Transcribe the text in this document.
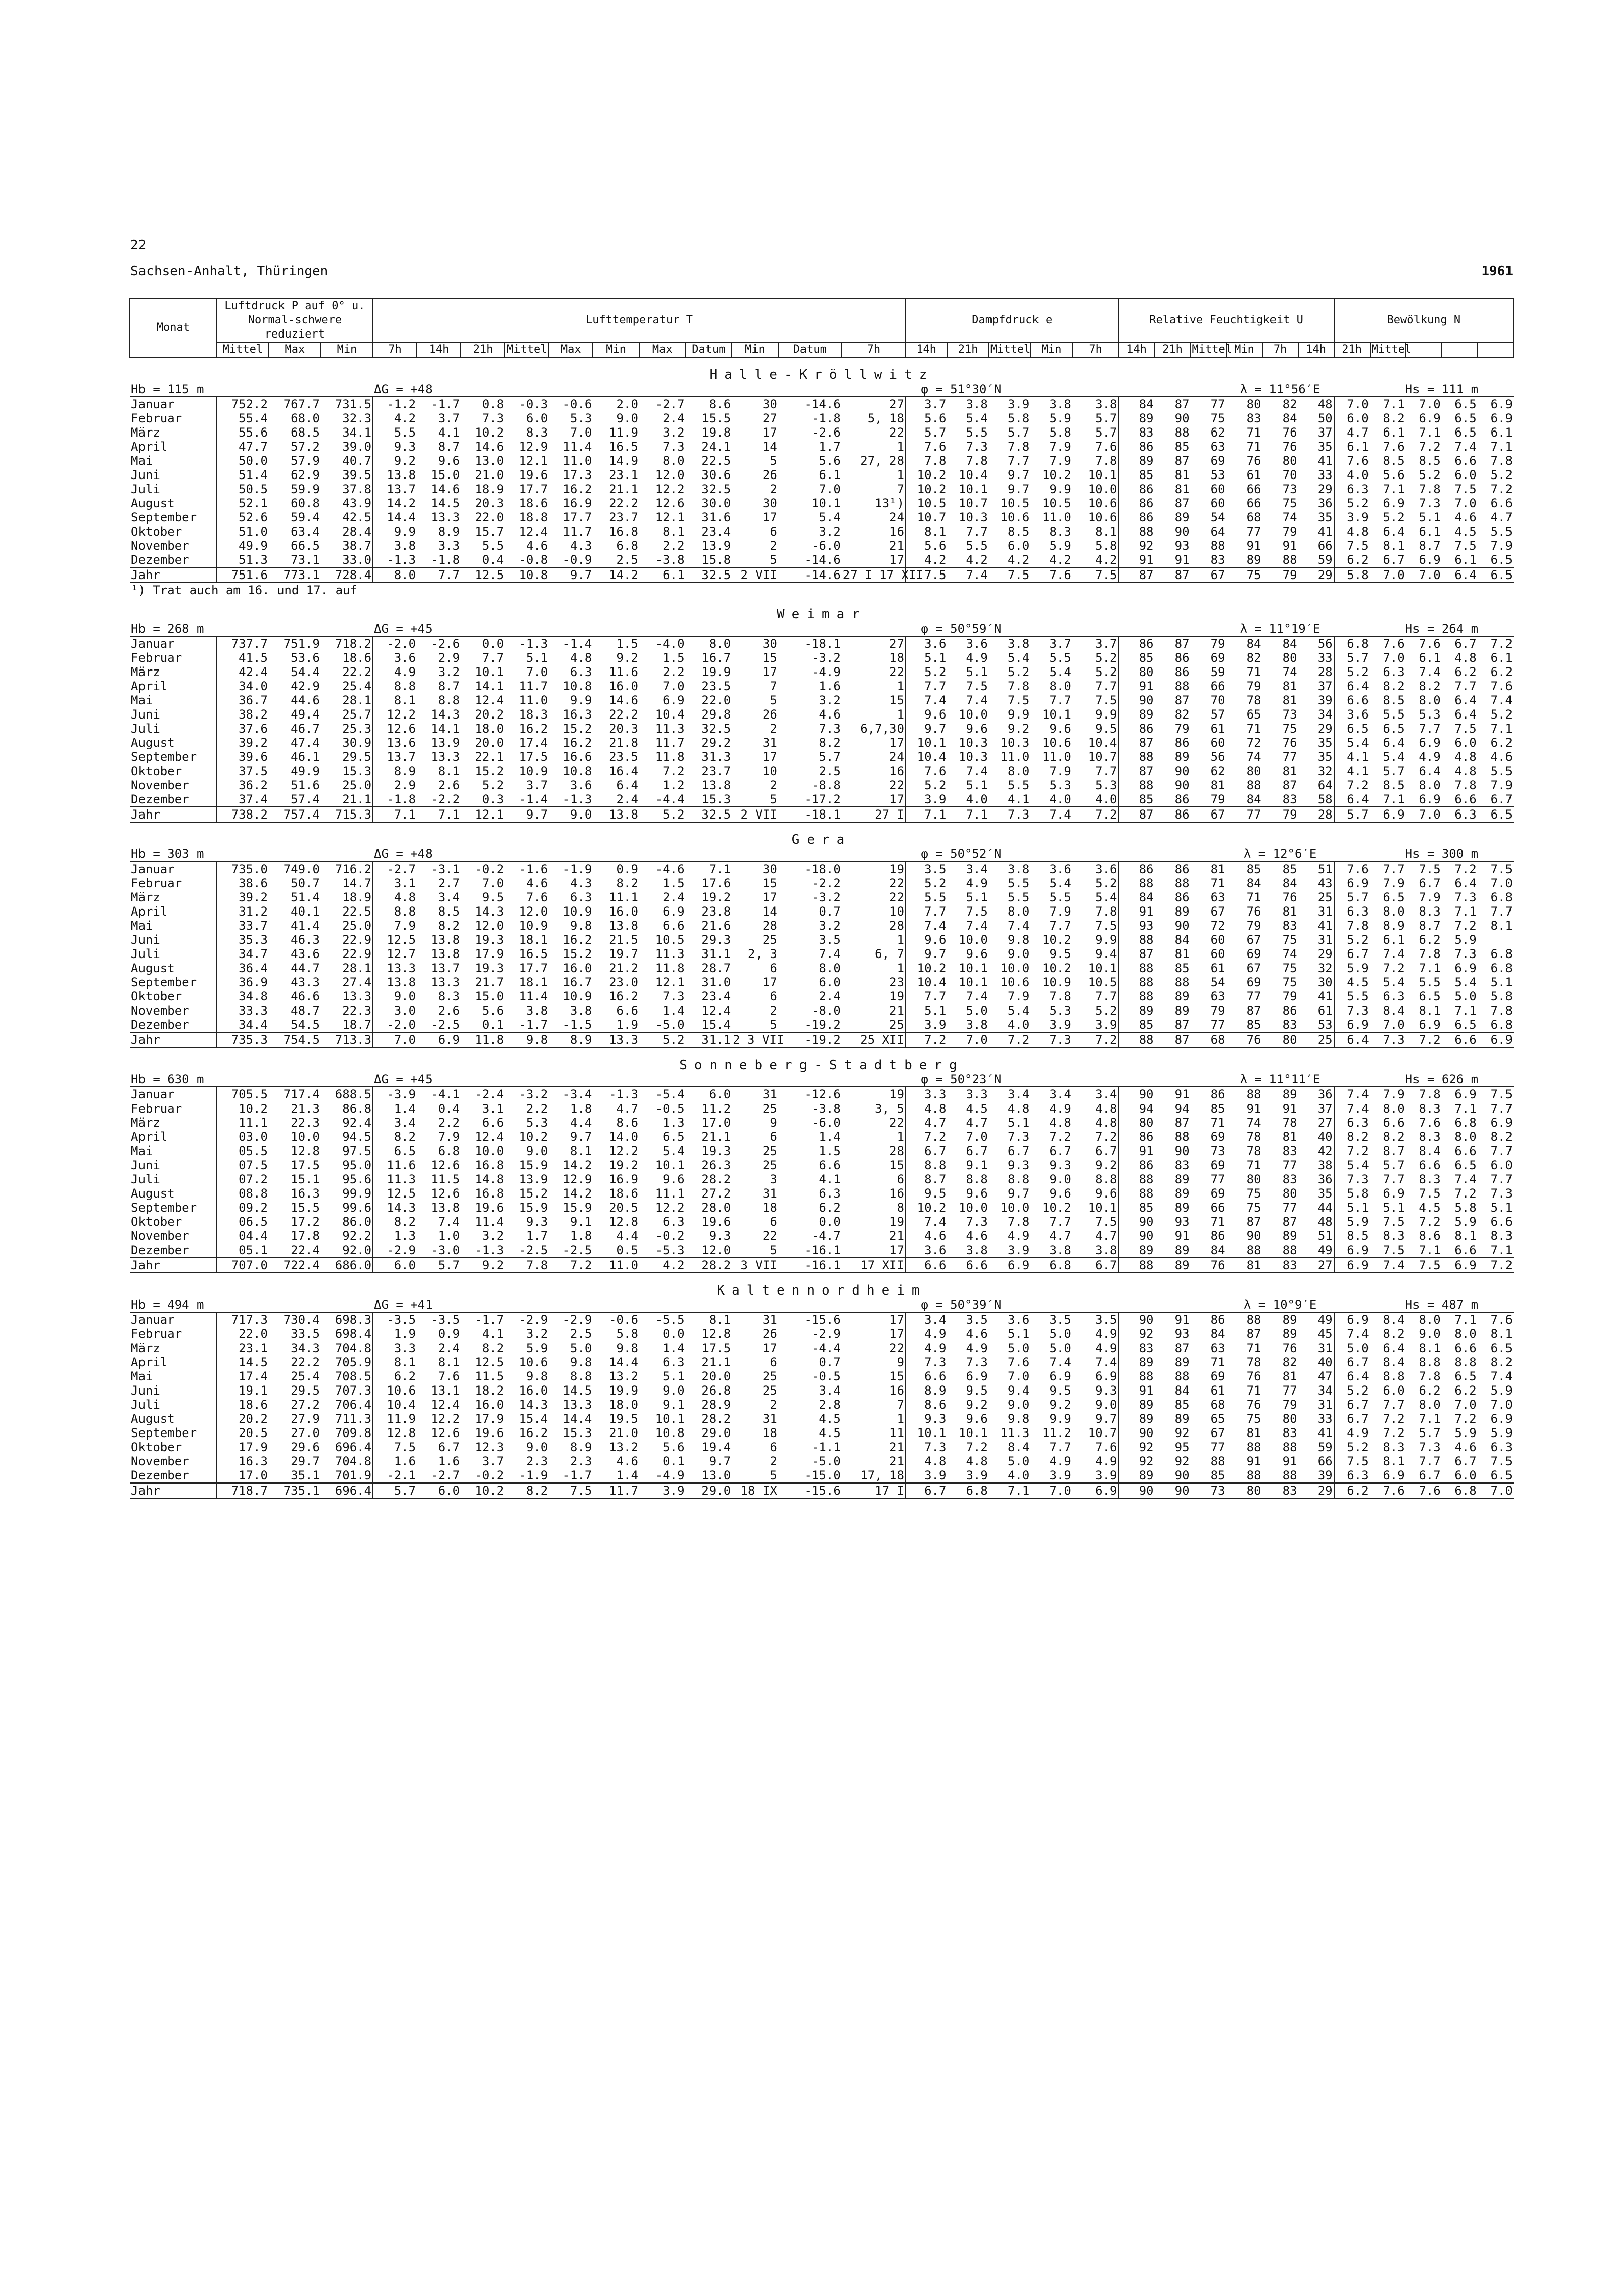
22
Sachsen-Anhalt, Thüringen	1961
Monat	Luftdruck P auf 0° u. Normal-schwere reduziert			Lufttemperatur T											Dampfdruck e					Relative Feuchtigkeit U						Bewölkung N				
	Mittel	Max	Min	7h	14h	21h	Mittel	Max	Min	Max	Datum	Min	Datum	7h	14h	21h	Mittel	Min	7h	14h	21h	Mittel	Min	7h	14h	21h	Mittel			

Halle-Kröllwitz																														
Hb = 115 m				ΔG = +48								φ = 51°30′N										λ = 11°56′E					Hs = 111 m			
Januar	752.2	767.7	731.5	-1.2	-1.7	0.8	-0.3	-0.6	2.0	-2.7	8.6	30	-14.6	27	3.7	3.8	3.9	3.8	3.8	84	87	77	80	82	48	7.0	7.1	7.0	6.5	6.9
Februar	55.4	68.0	32.3	4.2	3.7	7.3	6.0	5.3	9.0	2.4	15.5	27	-1.8	5, 18	5.6	5.4	5.8	5.9	5.7	89	90	75	83	84	50	6.0	8.2	6.9	6.5	6.9
März	55.6	68.5	34.1	5.5	4.1	10.2	8.3	7.0	11.9	3.2	19.8	17	-2.6	22	5.7	5.5	5.7	5.8	5.7	83	88	62	71	76	37	4.7	6.1	7.1	6.5	6.1
April	47.7	57.2	39.0	9.3	8.7	14.6	12.9	11.4	16.5	7.3	24.1	14	1.7	1	7.6	7.3	7.8	7.9	7.6	86	85	63	71	76	35	6.1	7.6	7.2	7.4	7.1
Mai	50.0	57.9	40.7	9.2	9.6	13.0	12.1	11.0	14.9	8.0	22.5	5	5.6	27, 28	7.8	7.8	7.7	7.9	7.8	89	87	69	76	80	41	7.6	8.5	8.5	6.6	7.8
Juni	51.4	62.9	39.5	13.8	15.0	21.0	19.6	17.3	23.1	12.0	30.6	26	6.1	1	10.2	10.4	9.7	10.2	10.1	85	81	53	61	70	33	4.0	5.6	5.2	6.0	5.2
Juli	50.5	59.9	37.8	13.7	14.6	18.9	17.7	16.2	21.1	12.2	32.5	2	7.0	7	10.2	10.1	9.7	9.9	10.0	86	81	60	66	73	29	6.3	7.1	7.8	7.5	7.2
August	52.1	60.8	43.9	14.2	14.5	20.3	18.6	16.9	22.2	12.6	30.0	30	10.1	13¹)	10.5	10.7	10.5	10.5	10.6	86	87	60	66	75	36	5.2	6.9	7.3	7.0	6.6
September	52.6	59.4	42.5	14.4	13.3	22.0	18.8	17.7	23.7	12.1	31.6	17	5.4	24	10.7	10.3	10.6	11.0	10.6	86	89	54	68	74	35	3.9	5.2	5.1	4.6	4.7
Oktober	51.0	63.4	28.4	9.9	8.9	15.7	12.4	11.7	16.8	8.1	23.4	6	3.2	16	8.1	7.7	8.5	8.3	8.1	88	90	64	77	79	41	4.8	6.4	6.1	4.5	5.5
November	49.9	66.5	38.7	3.8	3.3	5.5	4.6	4.3	6.8	2.2	13.9	2	-6.0	21	5.6	5.5	6.0	5.9	5.8	92	93	88	91	91	66	7.5	8.1	8.7	7.5	7.9
Dezember	51.3	73.1	33.0	-1.3	-1.8	0.4	-0.8	-0.9	2.5	-3.8	15.8	5	-14.6	17	4.2	4.2	4.2	4.2	4.2	91	91	83	89	88	59	6.2	6.7	6.9	6.1	6.5
Jahr	751.6	773.1	728.4	8.0	7.7	12.5	10.8	9.7	14.2	6.1	32.5	2 VII	-14.6	27 I 17 XII	7.5	7.4	7.5	7.6	7.5	87	87	67	75	79	29	5.8	7.0	7.0	6.4	6.5
¹) Trat auch am 16. und 17. auf																														

Weimar																														
Hb = 268 m				ΔG = +45								φ = 50°59′N										λ = 11°19′E					Hs = 264 m			
Januar	737.7	751.9	718.2	-2.0	-2.6	0.0	-1.3	-1.4	1.5	-4.0	8.0	30	-18.1	27	3.6	3.6	3.8	3.7	3.7	86	87	79	84	84	56	6.8	7.6	7.6	6.7	7.2
Februar	41.5	53.6	18.6	3.6	2.9	7.7	5.1	4.8	9.2	1.5	16.7	15	-3.2	18	5.1	4.9	5.4	5.5	5.2	85	86	69	82	80	33	5.7	7.0	6.1	4.8	6.1
März	42.4	54.4	22.2	4.9	3.2	10.1	7.0	6.3	11.6	2.2	19.9	17	-4.9	22	5.2	5.1	5.2	5.4	5.2	80	86	59	71	74	28	5.2	6.3	7.4	6.2	6.2
April	34.0	42.9	25.4	8.8	8.7	14.1	11.7	10.8	16.0	7.0	23.5	7	1.6	1	7.7	7.5	7.8	8.0	7.7	91	88	66	79	81	37	6.4	8.2	8.2	7.7	7.6
Mai	36.7	44.6	28.1	8.1	8.8	12.4	11.0	9.9	14.6	6.9	22.0	5	3.2	15	7.4	7.4	7.5	7.7	7.5	90	87	70	78	81	39	6.6	8.5	8.0	6.4	7.4
Juni	38.2	49.4	25.7	12.2	14.3	20.2	18.3	16.3	22.2	10.4	29.8	26	4.6	1	9.6	10.0	9.9	10.1	9.9	89	82	57	65	73	34	3.6	5.5	5.3	6.4	5.2
Juli	37.6	46.7	25.3	12.6	14.1	18.0	16.2	15.2	20.3	11.3	32.5	2	7.3	6,7,30	9.7	9.6	9.2	9.6	9.5	86	79	61	71	75	29	6.5	6.5	7.7	7.5	7.1
August	39.2	47.4	30.9	13.6	13.9	20.0	17.4	16.2	21.8	11.7	29.2	31	8.2	17	10.1	10.3	10.3	10.6	10.4	87	86	60	72	76	35	5.4	6.4	6.9	6.0	6.2
September	39.6	46.1	29.5	13.7	13.3	22.1	17.5	16.6	23.5	11.8	31.3	17	5.7	24	10.4	10.3	11.0	11.0	10.7	88	89	56	74	77	35	4.1	5.4	4.9	4.8	4.6
Oktober	37.5	49.9	15.3	8.9	8.1	15.2	10.9	10.8	16.4	7.2	23.7	10	2.5	16	7.6	7.4	8.0	7.9	7.7	87	90	62	80	81	32	4.1	5.7	6.4	4.8	5.5
November	36.2	51.6	25.0	2.9	2.6	5.2	3.7	3.6	6.4	1.2	13.8	2	-8.8	22	5.2	5.1	5.5	5.3	5.3	88	90	81	88	87	64	7.2	8.5	8.0	7.8	7.9
Dezember	37.4	57.4	21.1	-1.8	-2.2	0.3	-1.4	-1.3	2.4	-4.4	15.3	5	-17.2	17	3.9	4.0	4.1	4.0	4.0	85	86	79	84	83	58	6.4	7.1	6.9	6.6	6.7
Jahr	738.2	757.4	715.3	7.1	7.1	12.1	9.7	9.0	13.8	5.2	32.5	2 VII	-18.1	27 I	7.1	7.1	7.3	7.4	7.2	87	86	67	77	79	28	5.7	6.9	7.0	6.3	6.5

Gera																														
Hb = 303 m				ΔG = +48								φ = 50°52′N										λ = 12°6′E					Hs = 300 m			
Januar	735.0	749.0	716.2	-2.7	-3.1	-0.2	-1.6	-1.9	0.9	-4.6	7.1	30	-18.0	19	3.5	3.4	3.8	3.6	3.6	86	86	81	85	85	51	7.6	7.7	7.5	7.2	7.5
Februar	38.6	50.7	14.7	3.1	2.7	7.0	4.6	4.3	8.2	1.5	17.6	15	-2.2	22	5.2	4.9	5.5	5.4	5.2	88	88	71	84	84	43	6.9	7.9	6.7	6.4	7.0
März	39.2	51.4	18.9	4.8	3.4	9.5	7.6	6.3	11.1	2.4	19.2	17	-3.2	22	5.5	5.1	5.5	5.5	5.4	84	86	63	71	76	25	5.7	6.5	7.9	7.3	6.8
April	31.2	40.1	22.5	8.8	8.5	14.3	12.0	10.9	16.0	6.9	23.8	14	0.7	10	7.7	7.5	8.0	7.9	7.8	91	89	67	76	81	31	6.3	8.0	8.3	7.1	7.7
Mai	33.7	41.4	25.0	7.9	8.2	12.0	10.9	9.8	13.8	6.6	21.6	28	3.2	28	7.4	7.4	7.4	7.7	7.5	93	90	72	79	83	41	7.8	8.9	8.7	7.2	8.1
Juni	35.3	46.3	22.9	12.5	13.8	19.3	18.1	16.2	21.5	10.5	29.3	25	3.5	1	9.6	10.0	9.8	10.2	9.9	88	84	60	67	75	31	5.2	6.1	6.2	5.9	
Juli	34.7	43.6	22.9	12.7	13.8	17.9	16.5	15.2	19.7	11.3	31.1	2, 3	7.4	6, 7	9.7	9.6	9.0	9.5	9.4	87	81	60	69	74	29	6.7	7.4	7.8	7.3	6.8
August	36.4	44.7	28.1	13.3	13.7	19.3	17.7	16.0	21.2	11.8	28.7	6	8.0	1	10.2	10.1	10.0	10.2	10.1	88	85	61	67	75	32	5.9	7.2	7.1	6.9	6.8
September	36.9	43.3	27.4	13.8	13.3	21.7	18.1	16.7	23.0	12.1	31.0	17	6.0	23	10.4	10.1	10.6	10.9	10.5	88	88	54	69	75	30	4.5	5.4	5.5	5.4	5.1
Oktober	34.8	46.6	13.3	9.0	8.3	15.0	11.4	10.9	16.2	7.3	23.4	6	2.4	19	7.7	7.4	7.9	7.8	7.7	88	89	63	77	79	41	5.5	6.3	6.5	5.0	5.8
November	33.3	48.7	22.3	3.0	2.6	5.6	3.8	3.8	6.6	1.4	12.4	2	-8.0	21	5.1	5.0	5.4	5.3	5.2	89	89	79	87	86	61	7.3	8.4	8.1	7.1	7.8
Dezember	34.4	54.5	18.7	-2.0	-2.5	0.1	-1.7	-1.5	1.9	-5.0	15.4	5	-19.2	25	3.9	3.8	4.0	3.9	3.9	85	87	77	85	83	53	6.9	7.0	6.9	6.5	6.8
Jahr	735.3	754.5	713.3	7.0	6.9	11.8	9.8	8.9	13.3	5.2	31.1	2 3 VII	-19.2	25 XII	7.2	7.0	7.2	7.3	7.2	88	87	68	76	80	25	6.4	7.3	7.2	6.6	6.9

Sonneberg-Stadtberg																														
Hb = 630 m				ΔG = +45								φ = 50°23′N										λ = 11°11′E					Hs = 626 m			
Januar	705.5	717.4	688.5	-3.9	-4.1	-2.4	-3.2	-3.4	-1.3	-5.4	6.0	31	-12.6	19	3.3	3.3	3.4	3.4	3.4	90	91	86	88	89	36	7.4	7.9	7.8	6.9	7.5
Februar	10.2	21.3	86.8	1.4	0.4	3.1	2.2	1.8	4.7	-0.5	11.2	25	-3.8	3, 5	4.8	4.5	4.8	4.9	4.8	94	94	85	91	91	37	7.4	8.0	8.3	7.1	7.7
März	11.1	22.3	92.4	3.4	2.2	6.6	5.3	4.4	8.6	1.3	17.0	9	-6.0	22	4.7	4.7	5.1	4.8	4.8	80	87	71	74	78	27	6.3	6.6	7.6	6.8	6.9
April	03.0	10.0	94.5	8.2	7.9	12.4	10.2	9.7	14.0	6.5	21.1	6	1.4	1	7.2	7.0	7.3	7.2	7.2	86	88	69	78	81	40	8.2	8.2	8.3	8.0	8.2
Mai	05.5	12.8	97.5	6.5	6.8	10.0	9.0	8.1	12.2	5.4	19.3	25	1.5	28	6.7	6.7	6.7	6.7	6.7	91	90	73	78	83	42	7.2	8.7	8.4	6.6	7.7
Juni	07.5	17.5	95.0	11.6	12.6	16.8	15.9	14.2	19.2	10.1	26.3	25	6.6	15	8.8	9.1	9.3	9.3	9.2	86	83	69	71	77	38	5.4	5.7	6.6	6.5	6.0
Juli	07.2	15.1	95.6	11.3	11.5	14.8	13.9	12.9	16.9	9.6	28.2	3	4.1	6	8.7	8.8	8.8	9.0	8.8	88	89	77	80	83	36	7.3	7.7	8.3	7.4	7.7
August	08.8	16.3	99.9	12.5	12.6	16.8	15.2	14.2	18.6	11.1	27.2	31	6.3	16	9.5	9.6	9.7	9.6	9.6	88	89	69	75	80	35	5.8	6.9	7.5	7.2	7.3
September	09.2	15.5	99.6	14.3	13.8	19.6	15.9	15.9	20.5	12.2	28.0	18	6.2	8	10.2	10.0	10.0	10.2	10.1	85	89	66	75	77	44	5.1	5.1	4.5	5.8	5.1
Oktober	06.5	17.2	86.0	8.2	7.4	11.4	9.3	9.1	12.8	6.3	19.6	6	0.0	19	7.4	7.3	7.8	7.7	7.5	90	93	71	87	87	48	5.9	7.5	7.2	5.9	6.6
November	04.4	17.8	92.2	1.3	1.0	3.2	1.7	1.8	4.4	-0.2	9.3	22	-4.7	21	4.6	4.6	4.9	4.7	4.7	90	91	86	90	89	51	8.5	8.3	8.6	8.1	8.3
Dezember	05.1	22.4	92.0	-2.9	-3.0	-1.3	-2.5	-2.5	0.5	-5.3	12.0	5	-16.1	17	3.6	3.8	3.9	3.8	3.8	89	89	84	88	88	49	6.9	7.5	7.1	6.6	7.1
Jahr	707.0	722.4	686.0	6.0	5.7	9.2	7.8	7.2	11.0	4.2	28.2	3 VII	-16.1	17 XII	6.6	6.6	6.9	6.8	6.7	88	89	76	81	83	27	6.9	7.4	7.5	6.9	7.2

Kaltennordheim																														
Hb = 494 m				ΔG = +41								φ = 50°39′N										λ = 10°9′E					Hs = 487 m			
Januar	717.3	730.4	698.3	-3.5	-3.5	-1.7	-2.9	-2.9	-0.6	-5.5	8.1	31	-15.6	17	3.4	3.5	3.6	3.5	3.5	90	91	86	88	89	49	6.9	8.4	8.0	7.1	7.6
Februar	22.0	33.5	698.4	1.9	0.9	4.1	3.2	2.5	5.8	0.0	12.8	26	-2.9	17	4.9	4.6	5.1	5.0	4.9	92	93	84	87	89	45	7.4	8.2	9.0	8.0	8.1
März	23.1	34.3	704.8	3.3	2.4	8.2	5.9	5.0	9.8	1.4	17.5	17	-4.4	22	4.9	4.9	5.0	5.0	4.9	83	87	63	71	76	31	5.0	6.4	8.1	6.6	6.5
April	14.5	22.2	705.9	8.1	8.1	12.5	10.6	9.8	14.4	6.3	21.1	6	0.7	9	7.3	7.3	7.6	7.4	7.4	89	89	71	78	82	40	6.7	8.4	8.8	8.8	8.2
Mai	17.4	25.4	708.5	6.2	7.6	11.5	9.8	8.8	13.2	5.1	20.0	25	-0.5	15	6.6	6.9	7.0	6.9	6.9	88	88	69	76	81	47	6.4	8.8	7.8	6.5	7.4
Juni	19.1	29.5	707.3	10.6	13.1	18.2	16.0	14.5	19.9	9.0	26.8	25	3.4	16	8.9	9.5	9.4	9.5	9.3	91	84	61	71	77	34	5.2	6.0	6.2	6.2	5.9
Juli	18.6	27.2	706.4	10.4	12.4	16.0	14.3	13.3	18.0	9.1	28.9	2	2.8	7	8.6	9.2	9.0	9.2	9.0	89	85	68	76	79	31	6.7	7.7	8.0	7.0	7.0
August	20.2	27.9	711.3	11.9	12.2	17.9	15.4	14.4	19.5	10.1	28.2	31	4.5	1	9.3	9.6	9.8	9.9	9.7	89	89	65	75	80	33	6.7	7.2	7.1	7.2	6.9
September	20.5	27.0	709.8	12.8	12.6	19.6	16.2	15.3	21.0	10.8	29.0	18	4.5	11	10.1	10.1	11.3	11.2	10.7	90	92	67	81	83	41	4.9	7.2	5.7	5.9	5.9
Oktober	17.9	29.6	696.4	7.5	6.7	12.3	9.0	8.9	13.2	5.6	19.4	6	-1.1	21	7.3	7.2	8.4	7.7	7.6	92	95	77	88	88	59	5.2	8.3	7.3	4.6	6.3
November	16.3	29.7	704.8	1.6	1.6	3.7	2.3	2.3	4.6	0.1	9.7	2	-5.0	21	4.8	4.8	5.0	4.9	4.9	92	92	88	91	91	66	7.5	8.1	7.7	6.7	7.5
Dezember	17.0	35.1	701.9	-2.1	-2.7	-0.2	-1.9	-1.7	1.4	-4.9	13.0	5	-15.0	17, 18	3.9	3.9	4.0	3.9	3.9	89	90	85	88	88	39	6.3	6.9	6.7	6.0	6.5
Jahr	718.7	735.1	696.4	5.7	6.0	10.2	8.2	7.5	11.7	3.9	29.0	18 IX	-15.6	17 I	6.7	6.8	7.1	7.0	6.9	90	90	73	80	83	29	6.2	7.6	7.6	6.8	7.0
